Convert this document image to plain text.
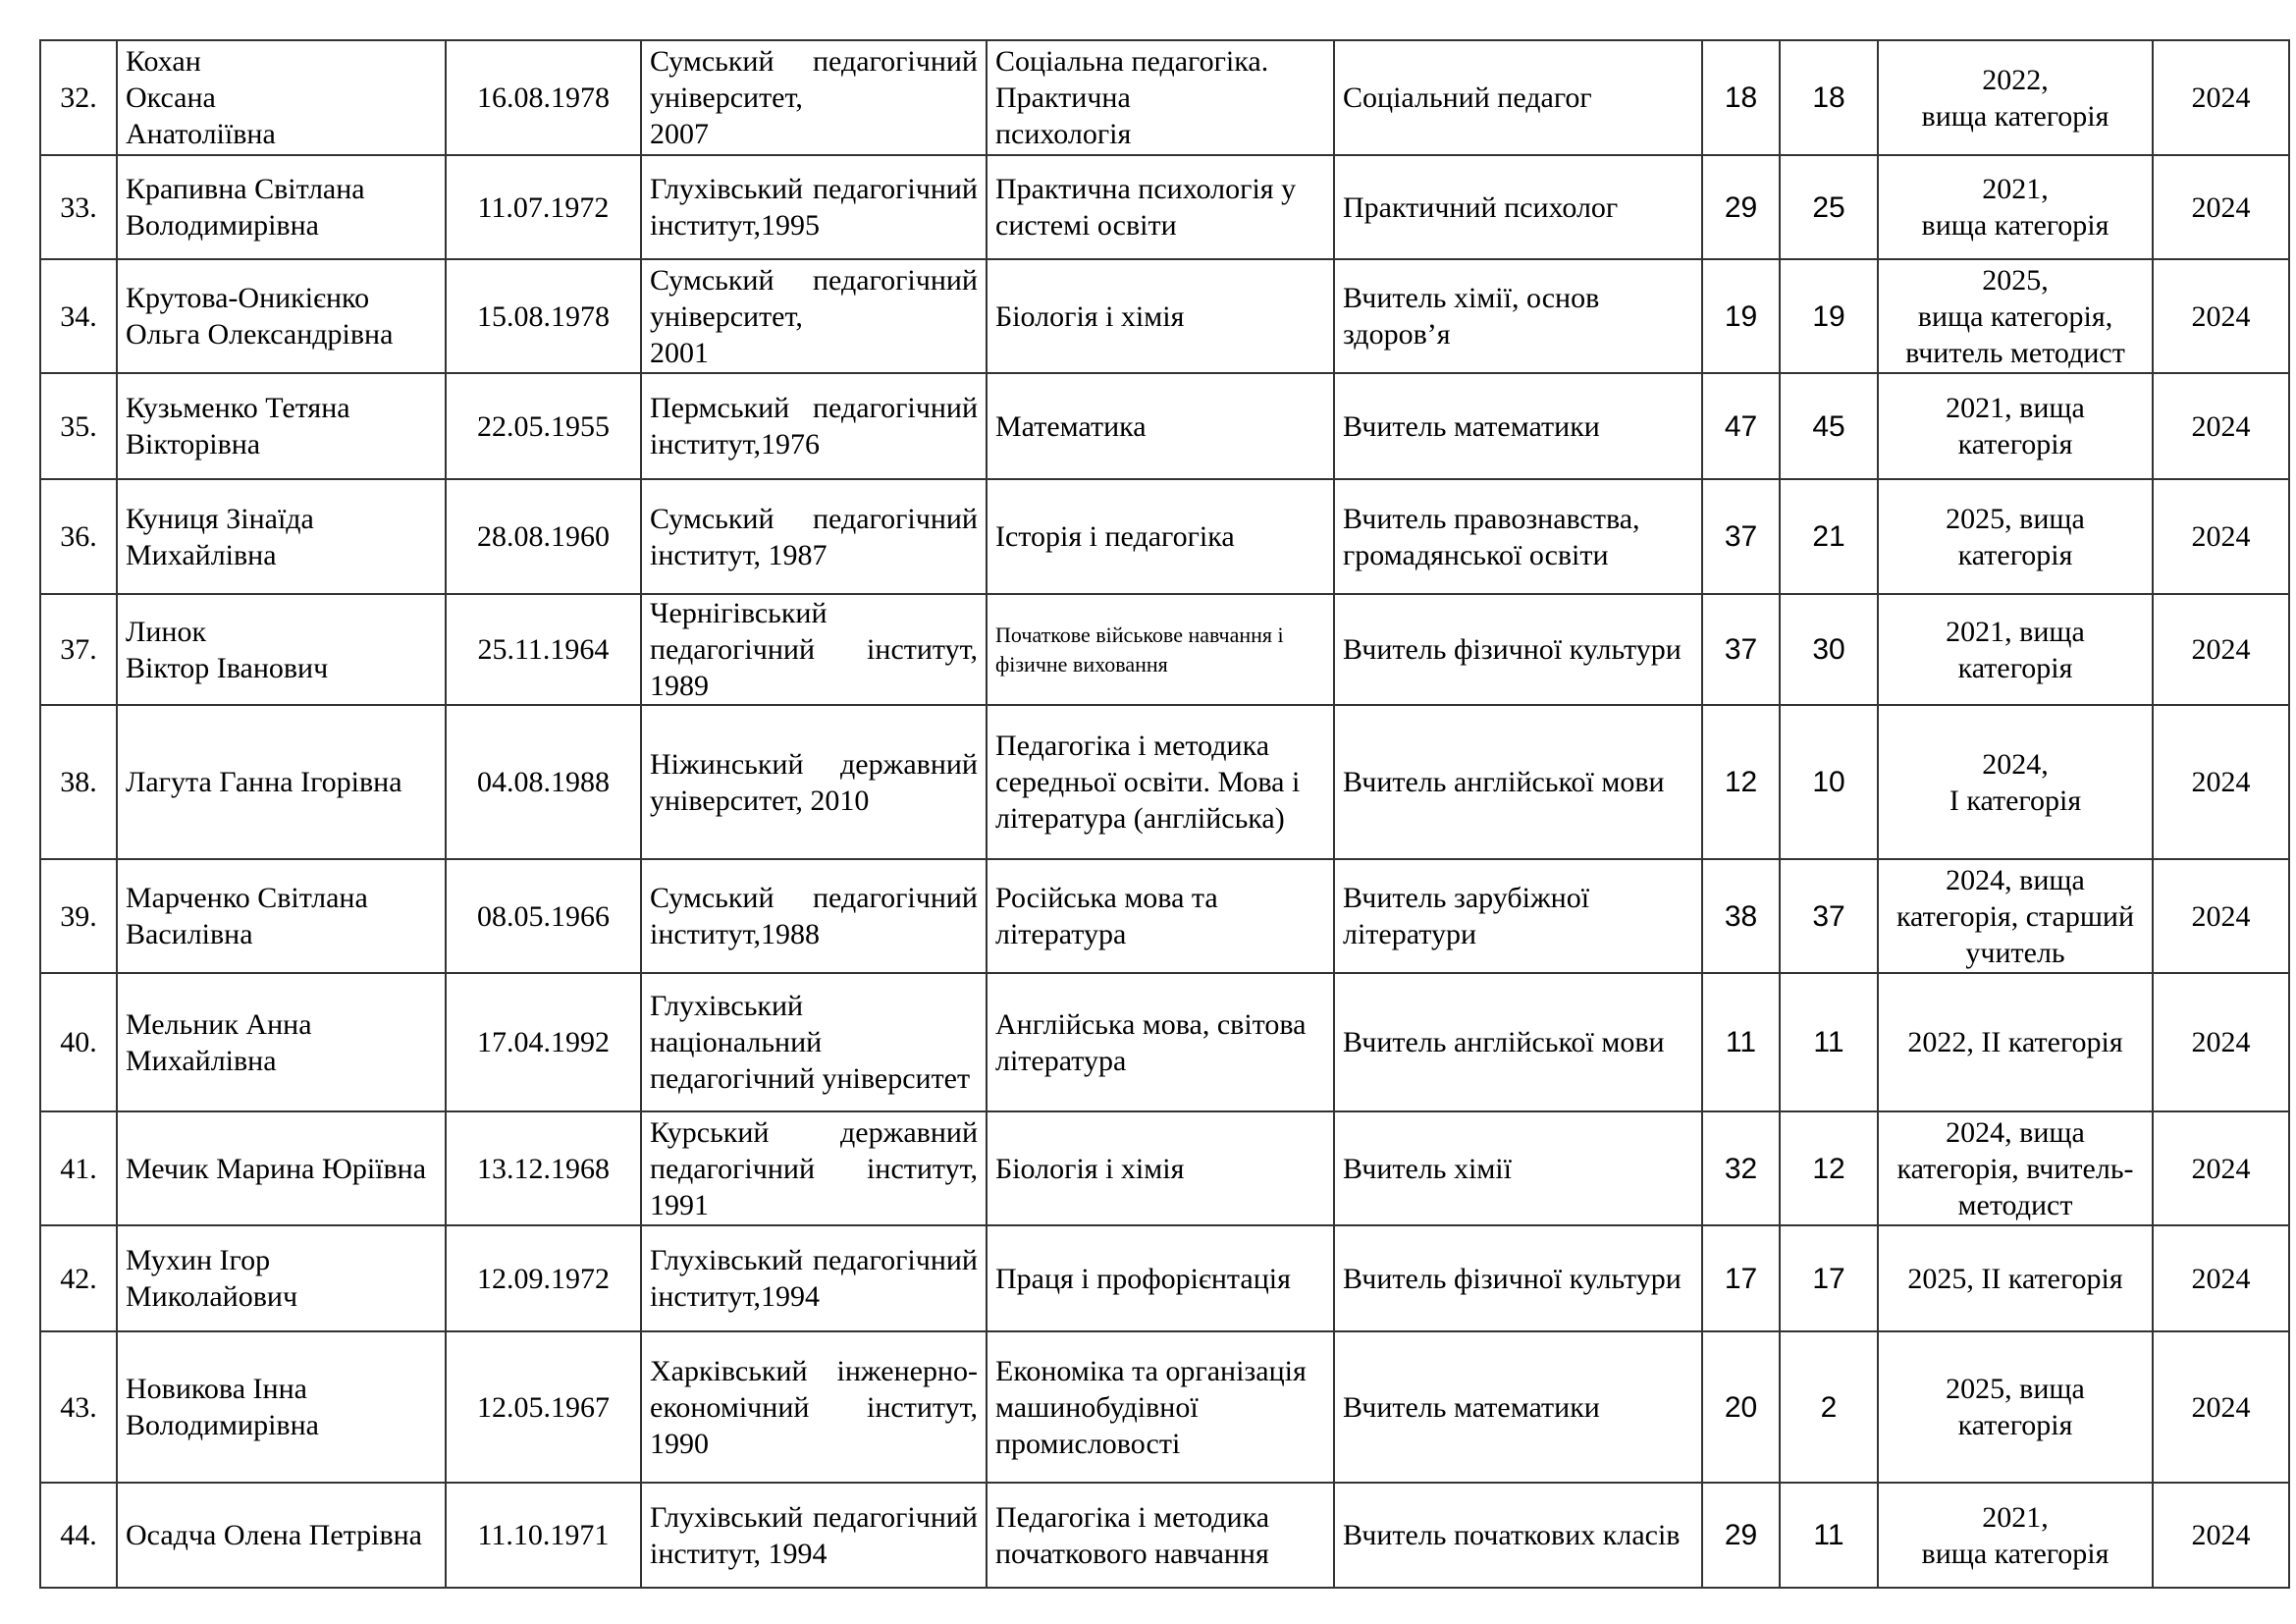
32.	Кохан
Оксана
Анатоліївна	16.08.1978	Сумський педагогічний університет,
2007	Соціальна педагогіка. Практична
психологія	Соціальний педагог	18	18	2022,
вища категорія	2024
33.	Крапивна Світлана Володимирівна	11.07.1972	Глухівський педагогічний інститут,1995	Практична психологія у системі освіти	Практичний психолог	29	25	2021,
вища категорія	2024
34.	Крутова-Оникієнко Ольга Олександрівна	15.08.1978	Сумський педагогічний університет,
2001	Біологія і хімія	Вчитель хімії, основ здоров’я	19	19	2025,
вища категорія,
вчитель методист	2024
35.	Кузьменко Тетяна Вікторівна	22.05.1955	Пермський педагогічний інститут,1976	Математика	Вчитель математики	47	45	2021, вища
категорія	2024
36.	Куниця Зінаїда Михайлівна	28.08.1960	Сумський педагогічний інститут, 1987	Історія і педагогіка	Вчитель правознавства, громадянської освіти	37	21	2025, вища
категорія	2024
37.	Линок
Віктор Іванович	25.11.1964	Чернігівський педагогічний інститут, 1989	Початкове військове навчання і фізичне виховання	Вчитель фізичної культури	37	30	2021, вища
категорія	2024
38.	Лагута Ганна Ігорівна	04.08.1988	Ніжинський державний університет, 2010	Педагогіка і методика середньої освіти. Мова і література (англійська)	Вчитель англійської мови	12	10	2024,
І категорія	2024
39.	Марченко Світлана Василівна	08.05.1966	Сумський педагогічний інститут,1988	Російська мова та література	Вчитель зарубіжної літератури	38	37	2024, вища
категорія, старший
учитель	2024
40.	Мельник Анна Михайлівна	17.04.1992	Глухівський національний педагогічний університет	Англійська мова, світова література	Вчитель англійської мови	11	11	2022, ІІ категорія	2024
41.	Мечик Марина Юріївна	13.12.1968	Курський державний педагогічний інститут, 1991	Біологія і хімія	Вчитель хімії	32	12	2024, вища
категорія, вчитель-
методист	2024
42.	Мухин Ігор Миколайович	12.09.1972	Глухівський педагогічний інститут,1994	Праця і профорієнтація	Вчитель фізичної культури	17	17	2025, ІІ категорія	2024
43.	Новикова Інна Володимирівна	12.05.1967	Харківський інженерно-економічний інститут, 1990	Економіка та організація машинобудівної промисловості	Вчитель математики	20	2	2025, вища
категорія	2024
44.	Осадча Олена Петрівна	11.10.1971	Глухівський педагогічний інститут, 1994	Педагогіка і методика початкового навчання	Вчитель початкових класів	29	11	2021,
вища категорія	2024
